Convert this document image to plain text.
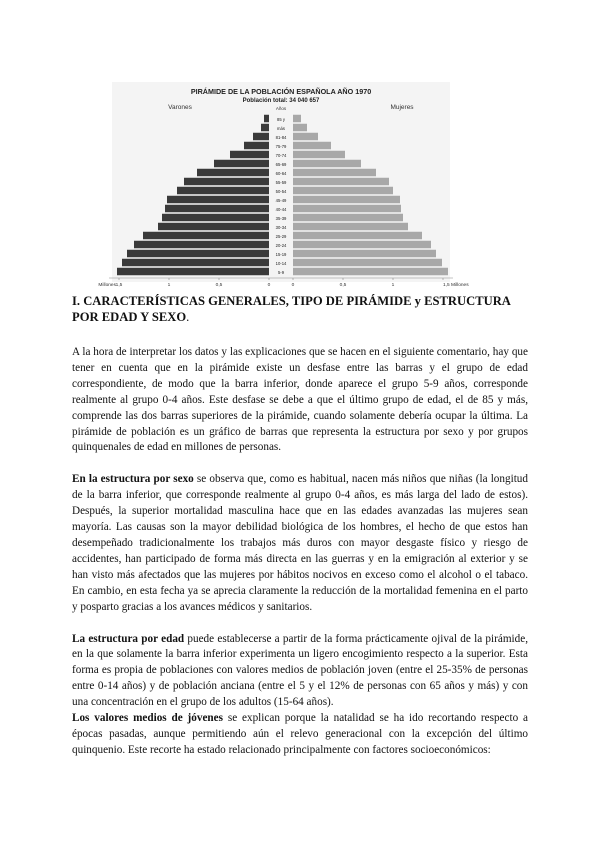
PIRÁMIDE DE LA POBLACIÓN ESPAÑOLA AÑO 1970
Población total: 34 040 657
Varones	Mujeres
Años
85 y
más
81-84
75-79
70-74
65-69
60-64
55-59
50-54
45-49
40-44
35-39
30-34
25-29
20-24
15-19
10-14
5-9
1,5	1	0,5	0	0	0,5	1	1,5 Millones
Millones
I. CARACTERÍSTICAS GENERALES, TIPO DE PIRÁMIDE y ESTRUCTURA POR EDAD Y SEXO.

A la hora de interpretar los datos y las explicaciones que se hacen en el siguiente comentario, hay que tener en cuenta que en la pirámide existe un desfase entre las barras y el grupo de edad correspondiente, de modo que la barra inferior, donde aparece el grupo 5-9 años, corresponde realmente al grupo 0-4 años. Este desfase se debe a que el último grupo de edad, el de 85 y más, comprende las dos barras superiores de la pirámide, cuando solamente debería ocupar la última. La pirámide de población es un gráfico de barras que representa la estructura por sexo y por grupos quinquenales de edad en millones de personas.

En la estructura por sexo se observa que, como es habitual, nacen más niños que niñas (la longitud de la barra inferior, que corresponde realmente al grupo 0-4 años, es más larga del lado de estos). Después, la superior mortalidad masculina hace que en las edades avanzadas las mujeres sean mayoría. Las causas son la mayor debilidad biológica de los hombres, el hecho de que estos han desempeñado tradicionalmente los trabajos más duros con mayor desgaste físico y riesgo de accidentes, han participado de forma más directa en las guerras y en la emigración al exterior y se han visto más afectados que las mujeres por hábitos nocivos en exceso como el alcohol o el tabaco. En cambio, en esta fecha ya se aprecia claramente la reducción de la mortalidad femenina en el parto y posparto gracias a los avances médicos y sanitarios.

La estructura por edad puede establecerse a partir de la forma prácticamente ojival de la pirámide, en la que solamente la barra inferior experimenta un ligero encogimiento respecto a la superior. Esta forma es propia de poblaciones con valores medios de población joven (entre el 25-35% de personas entre 0-14 años) y de población anciana (entre el 5 y el 12% de personas con 65 años y más) y con una concentración en el grupo de los adultos (15-64 años).

Los valores medios de jóvenes se explican porque la natalidad se ha ido recortando respecto a épocas pasadas, aunque permitiendo aún el relevo generacional con la excepción del último quinquenio. Este recorte ha estado relacionado principalmente con factores socioeconómicos:
